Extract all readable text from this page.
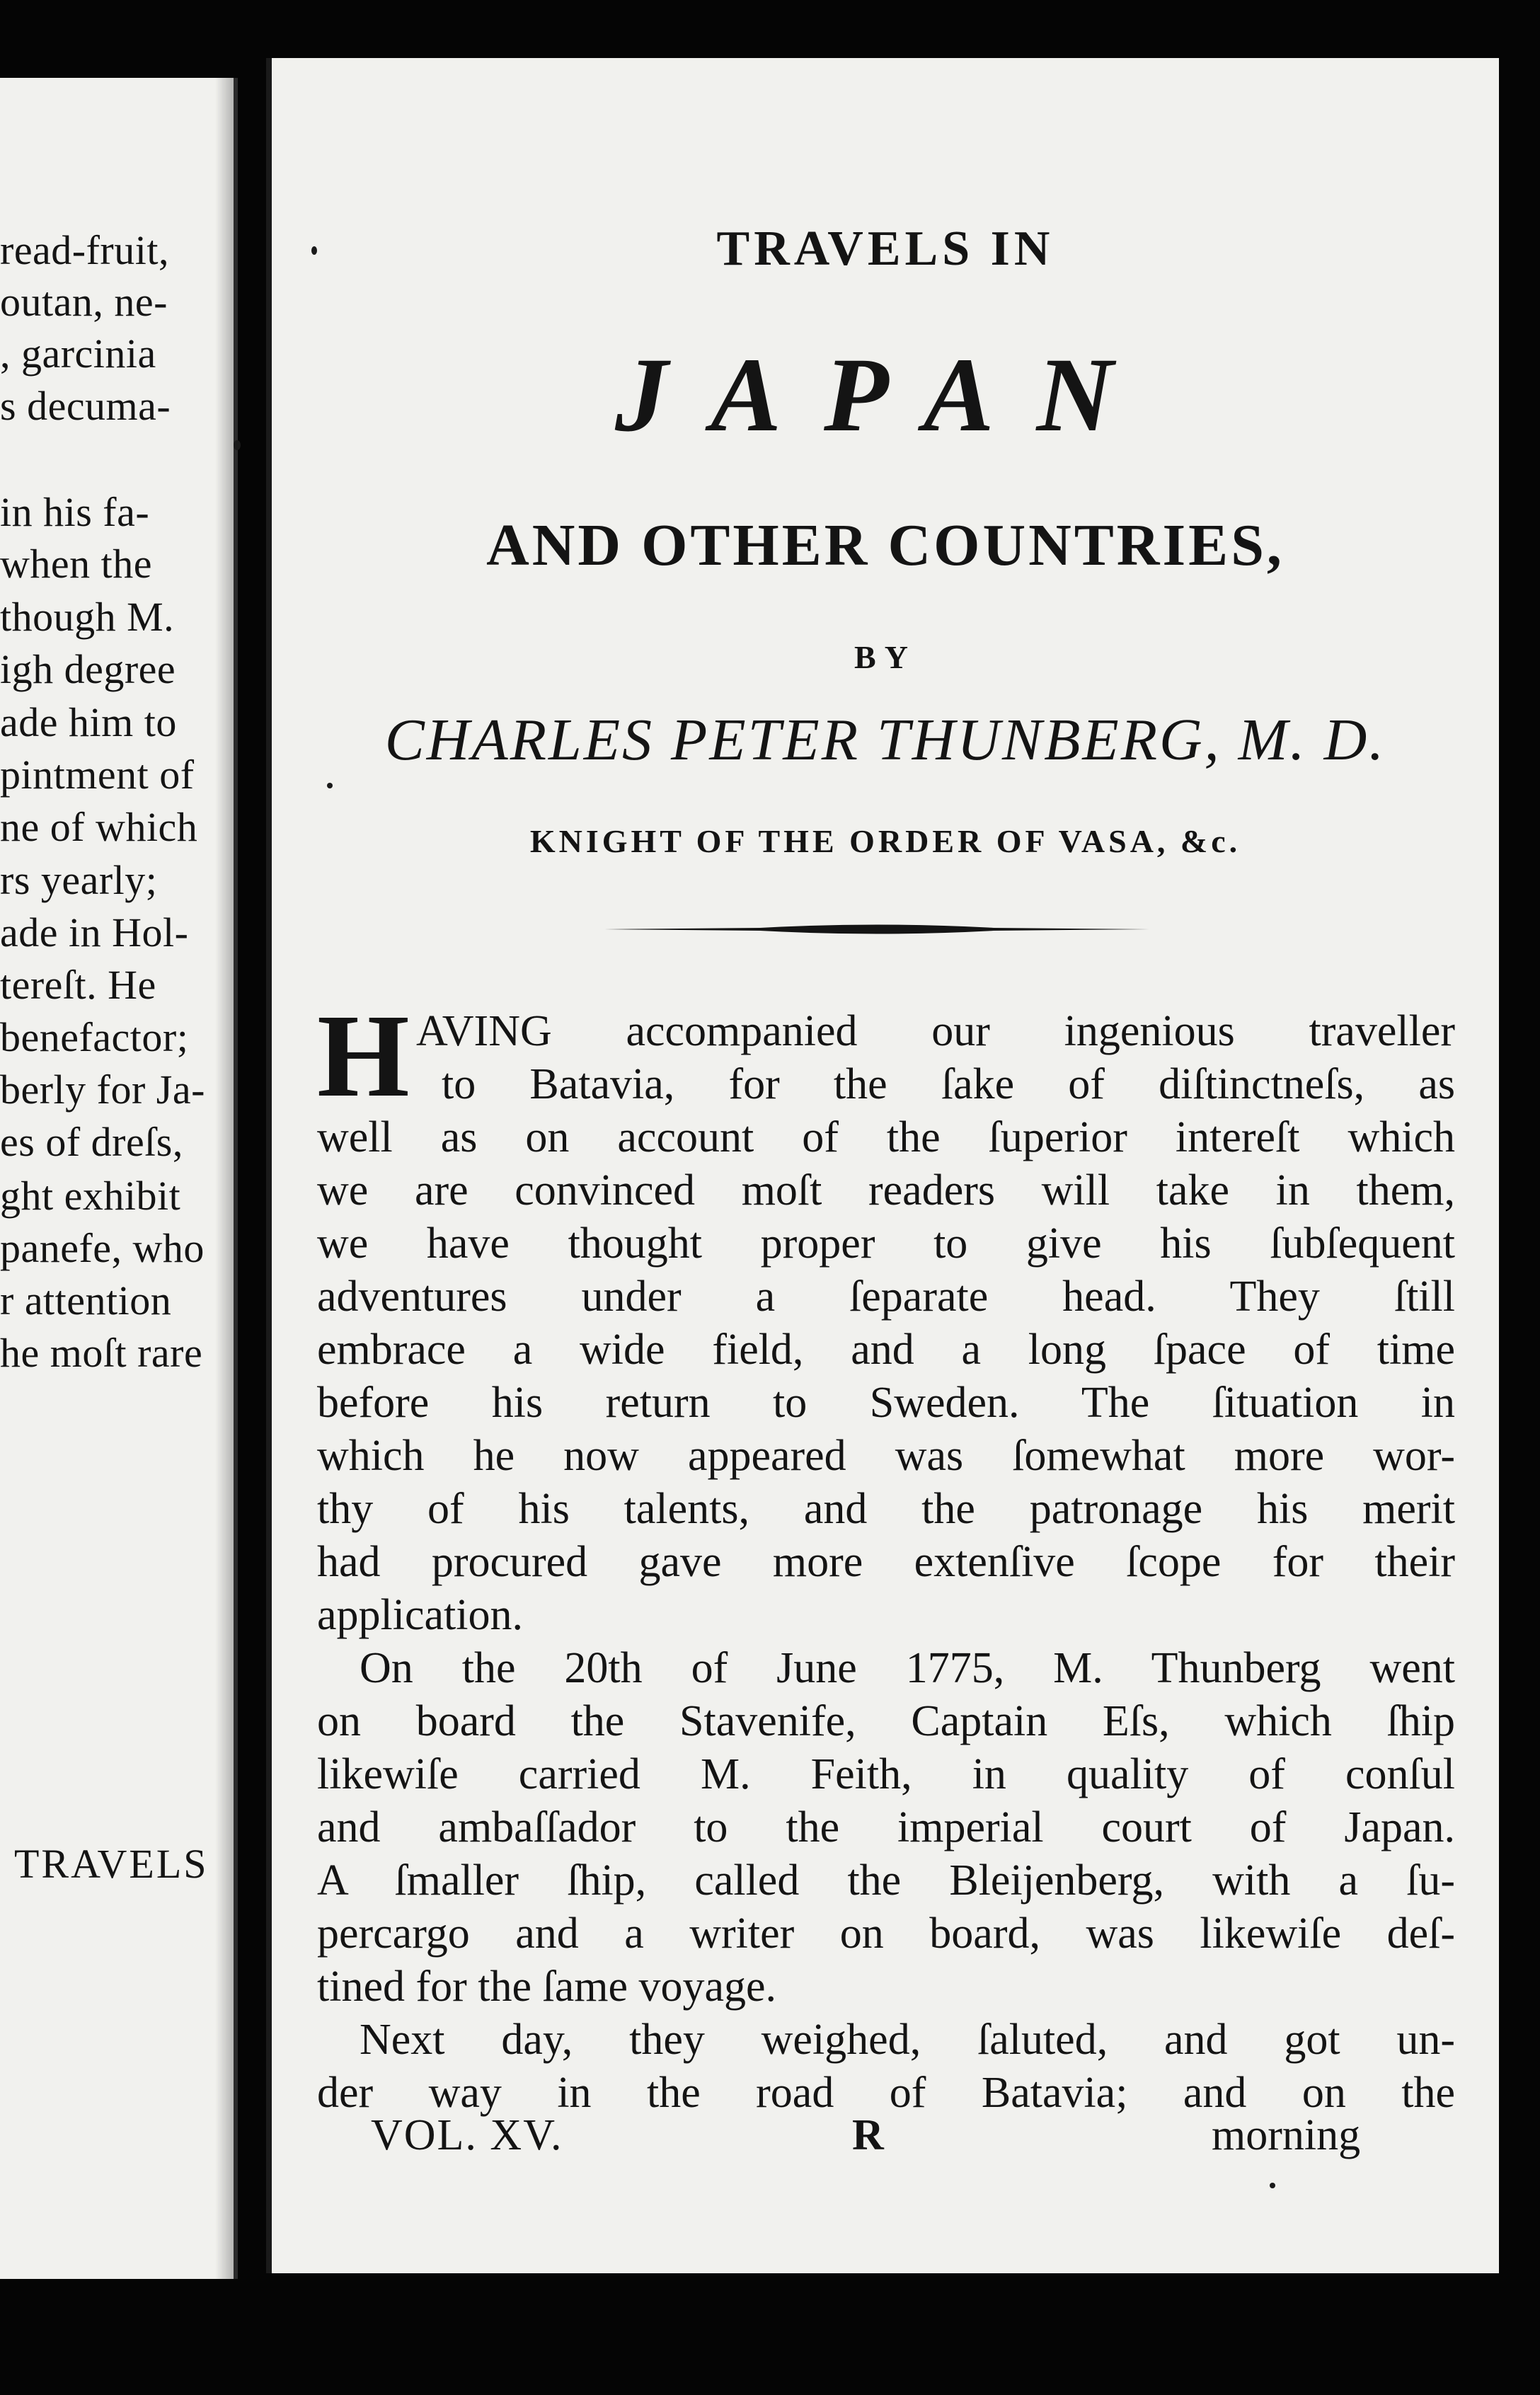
read-fruit,
outan, ne-
, garcinia
s decuma-
in his fa-
when the
though M.
igh degree
ade him to
pintment of
ne of which
rs yearly;
ade in Hol-
tereſt. He
benefactor;
berly for Ja-
es of dreſs,
ght exhibit
panefe, who
r attention
he moſt rare
TRAVELS
TRAVELS IN
JAPAN
AND OTHER COUNTRIES,
BY
CHARLES PETER THUNBERG, M. D.
KNIGHT OF THE ORDER OF VASA, &c.
H AVING accompanied our ingenious traveller
to Batavia, for the ſake of diſtinctneſs, as
well as on account of the ſuperior intereſt which
we are convinced moſt readers will take in them,
we have thought proper to give his ſubſequent
adventures under a ſeparate head. They ſtill
embrace a wide field, and a long ſpace of time
before his return to Sweden. The ſituation in
which he now appeared was ſomewhat more wor-
thy of his talents, and the patronage his merit
had procured gave more extenſive ſcope for their
application.
On the 20th of June 1775, M. Thunberg went
on board the Stavenife, Captain Eſs, which ſhip
likewiſe carried M. Feith, in quality of conſul
and ambaſſador to the imperial court of Japan.
A ſmaller ſhip, called the Bleijenberg, with a ſu-
percargo and a writer on board, was likewiſe deſ-
tined for the ſame voyage.
Next day, they weighed, ſaluted, and got un-
der way in the road of Batavia; and on the
VOL. XV.	R	morning
